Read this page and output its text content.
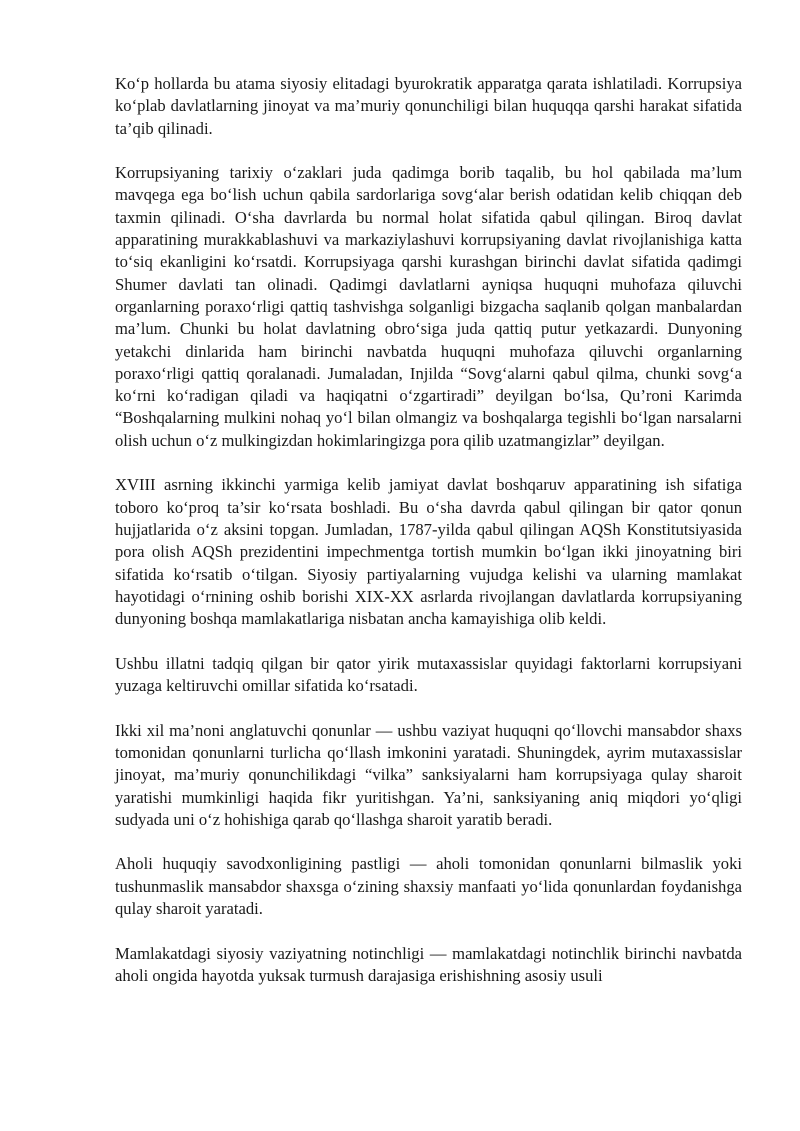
Ko‘p hollarda bu atama siyosiy elitadagi byurokratik apparatga qarata ishlatiladi. Korrupsiya ko‘plab davlatlarning jinoyat va ma’muriy qonunchiligi bilan huquqqa qarshi harakat sifatida ta’qib qilinadi.

Korrupsiyaning tarixiy o‘zaklari juda qadimga borib taqalib, bu hol qabilada ma’lum mavqega ega bo‘lish uchun qabila sardorlariga sovg‘alar berish odatidan kelib chiqqan deb taxmin qilinadi. O‘sha davrlarda bu normal holat sifatida qabul qilingan. Biroq davlat apparatining murakkablashuvi va markaziylashuvi korrupsiyaning davlat rivojlanishiga katta to‘siq ekanligini ko‘rsatdi. Korrupsiyaga qarshi kurashgan birinchi davlat sifatida qadimgi Shumer davlati tan olinadi. Qadimgi davlatlarni ayniqsa huquqni muhofaza qiluvchi organlarning poraxo‘rligi qattiq tashvishga solganligi bizgacha saqlanib qolgan manbalardan ma’lum. Chunki bu holat davlatning obro‘siga juda qattiq putur yetkazardi. Dunyoning yetakchi dinlarida ham birinchi navbatda huquqni muhofaza qiluvchi organlarning poraxo‘rligi qattiq qoralanadi. Jumaladan, Injilda “Sovg‘alarni qabul qilma, chunki sovg‘a ko‘rni ko‘radigan qiladi va haqiqatni o‘zgartiradi” deyilgan bo‘lsa, Qu’roni Karimda “Boshqalarning mulkini nohaq yo‘l bilan olmangiz va boshqalarga tegishli bo‘lgan narsalarni olish uchun o‘z mulkingizdan hokimlaringizga pora qilib uzatmangizlar” deyilgan.

XVIII asrning ikkinchi yarmiga kelib jamiyat davlat boshqaruv apparatining ish sifatiga toboro ko‘proq ta’sir ko‘rsata boshladi. Bu o‘sha davrda qabul qilingan bir qator qonun hujjatlarida o‘z aksini topgan. Jumladan, 1787-yilda qabul qilingan AQSh Konstitutsiyasida pora olish AQSh prezidentini impechmentga tortish mumkin bo‘lgan ikki jinoyatning biri sifatida ko‘rsatib o‘tilgan. Siyosiy partiyalarning vujudga kelishi va ularning mamlakat hayotidagi o‘rnining oshib borishi XIX-XX asrlarda rivojlangan davlatlarda korrupsiyaning dunyoning boshqa mamlakatlariga nisbatan ancha kamayishiga olib keldi.

Ushbu illatni tadqiq qilgan bir qator yirik mutaxassislar quyidagi faktorlarni korrupsiyani yuzaga keltiruvchi omillar sifatida ko‘rsatadi.

Ikki xil ma’noni anglatuvchi qonunlar — ushbu vaziyat huquqni qo‘llovchi mansabdor shaxs tomonidan qonunlarni turlicha qo‘llash imkonini yaratadi. Shuningdek, ayrim mutaxassislar jinoyat, ma’muriy qonunchilikdagi “vilka” sanksiyalarni ham korrupsiyaga qulay sharoit yaratishi mumkinligi haqida fikr yuritishgan. Ya’ni, sanksiyaning aniq miqdori yo‘qligi sudyada uni o‘z hohishiga qarab qo‘llashga sharoit yaratib beradi.

Aholi huquqiy savodxonligining pastligi — aholi tomonidan qonunlarni bilmaslik yoki tushunmaslik mansabdor shaxsga o‘zining shaxsiy manfaati yo‘lida qonunlardan foydanishga qulay sharoit yaratadi.

Mamlakatdagi siyosiy vaziyatning notinchligi — mamlakatdagi notinchlik birinchi navbatda aholi ongida hayotda yuksak turmush darajasiga erishishning asosiy usuli
